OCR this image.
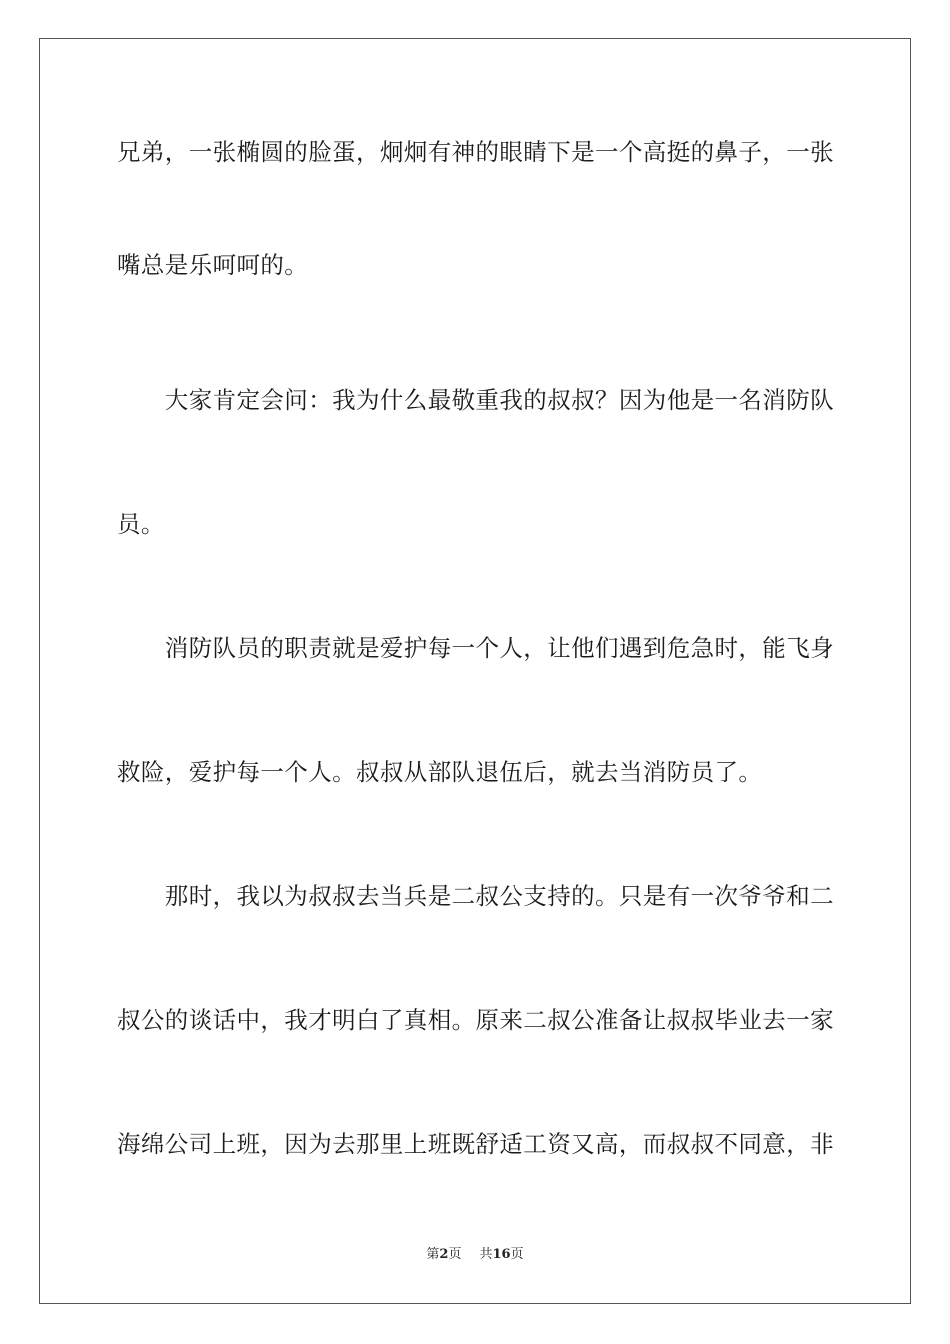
兄弟，一张椭圆的脸蛋，炯炯有神的眼睛下是一个高挺的鼻子，一张
嘴总是乐呵呵的。
　　大家肯定会问：我为什么最敬重我的叔叔？因为他是一名消防队
员。
　　消防队员的职责就是爱护每一个人，让他们遇到危急时，能飞身
救险，爱护每一个人。叔叔从部队退伍后，就去当消防员了。
　　那时，我以为叔叔去当兵是二叔公支持的。只是有一次爷爷和二
叔公的谈话中，我才明白了真相。原来二叔公准备让叔叔毕业去一家
海绵公司上班，因为去那里上班既舒适工资又高，而叔叔不同意，非
第2页 共16页
